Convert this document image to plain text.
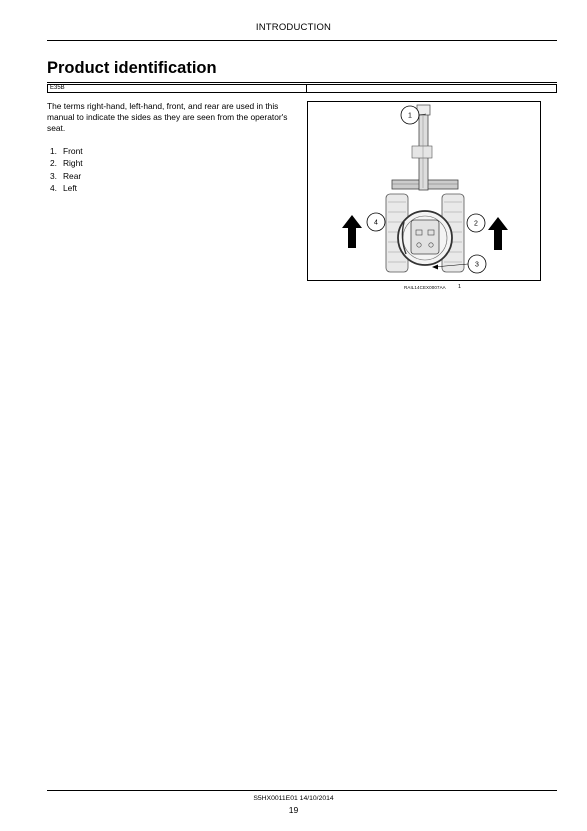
INTRODUCTION
Product identification
E35B
The terms right-hand, left-hand, front, and rear are used in this manual to indicate the sides as they are seen from the operator's seat.
1. Front
2. Right
3. Rear
4. Left
1
4	2
3
RAIL14CEX0007AA 1
S5HX0011E01 14/10/2014
19
